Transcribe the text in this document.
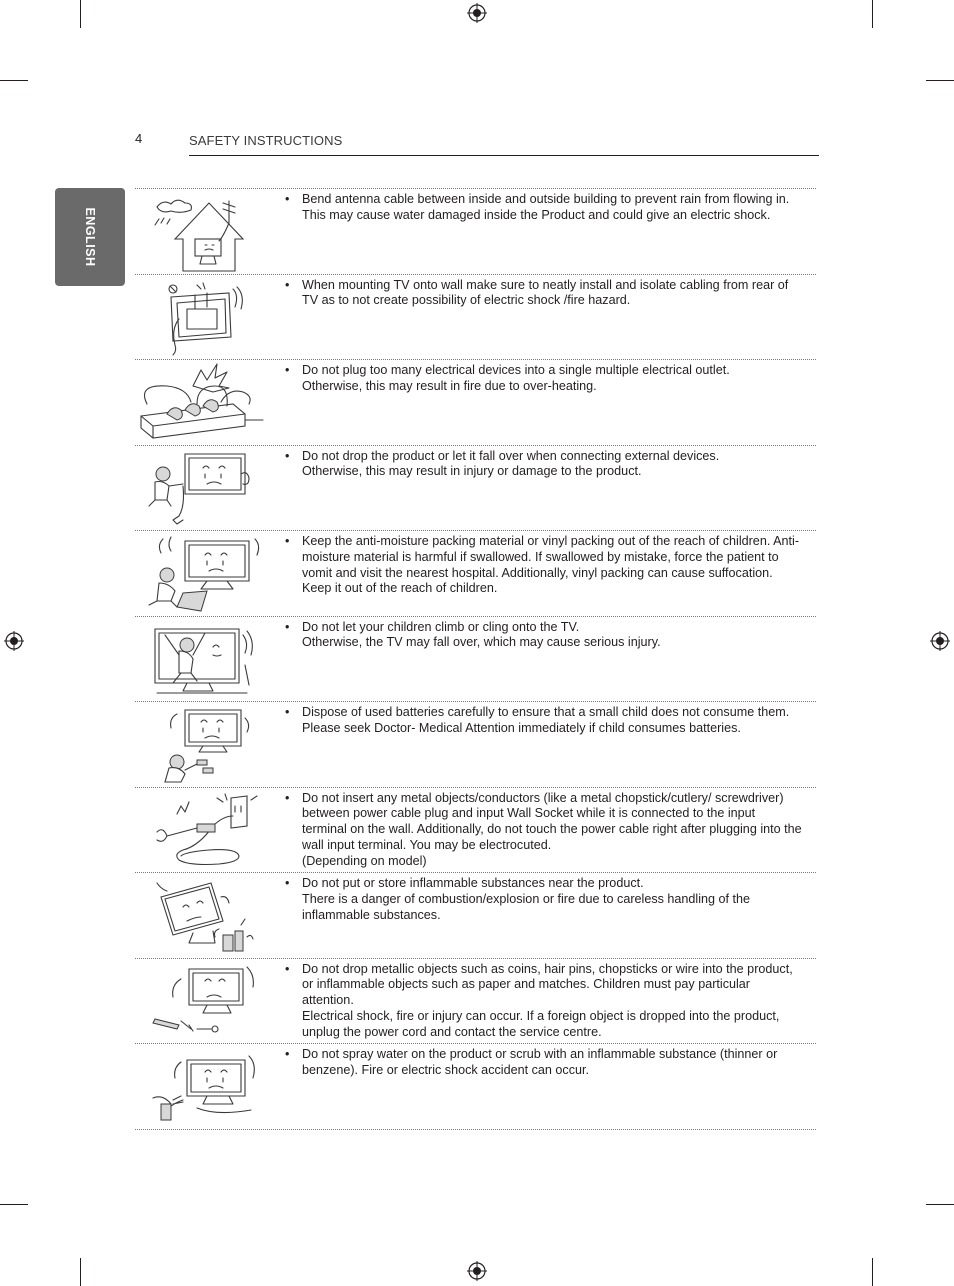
4	SAFETY INSTRUCTIONS
ENGLISH
• Bend antenna cable between inside and outside building to prevent rain from flowing in.
This may cause water damaged inside the Product and could give an electric shock.
• When mounting TV onto wall make sure to neatly install and isolate cabling from rear of TV as to not create possibility of electric shock /fire hazard.
• Do not plug too many electrical devices into a single multiple electrical outlet.
Otherwise, this may result in fire due to over-heating.
• Do not drop the product or let it fall over when connecting external devices.
Otherwise, this may result in injury or damage to the product.
• Keep the anti-moisture packing material or vinyl packing out of the reach of children. Anti-moisture material is harmful if swallowed. If swallowed by mistake, force the patient to vomit and visit the nearest hospital. Additionally, vinyl packing can cause suffocation. Keep it out of the reach of children.
• Do not let your children climb or cling onto the TV.
Otherwise, the TV may fall over, which may cause serious injury.
• Dispose of used batteries carefully to ensure that a small child does not consume them.
Please seek Doctor- Medical Attention immediately if child consumes batteries.
• Do not insert any metal objects/conductors (like a metal chopstick/cutlery/ screwdriver) between power cable plug and input Wall Socket while it is connected to the input terminal on the wall. Additionally, do not touch the power cable right after plugging into the wall input terminal. You may be electrocuted.
(Depending on model)
• Do not put or store inflammable substances near the product.
There is a danger of combustion/explosion or fire due to careless handling of the inflammable substances.
• Do not drop metallic objects such as coins, hair pins, chopsticks or wire into the product, or inflammable objects such as paper and matches. Children must pay particular attention.
Electrical shock, fire or injury can occur. If a foreign object is dropped into the product, unplug the power cord and contact the service centre.
• Do not spray water on the product or scrub with an inflammable substance (thinner or benzene). Fire or electric shock accident can occur.
